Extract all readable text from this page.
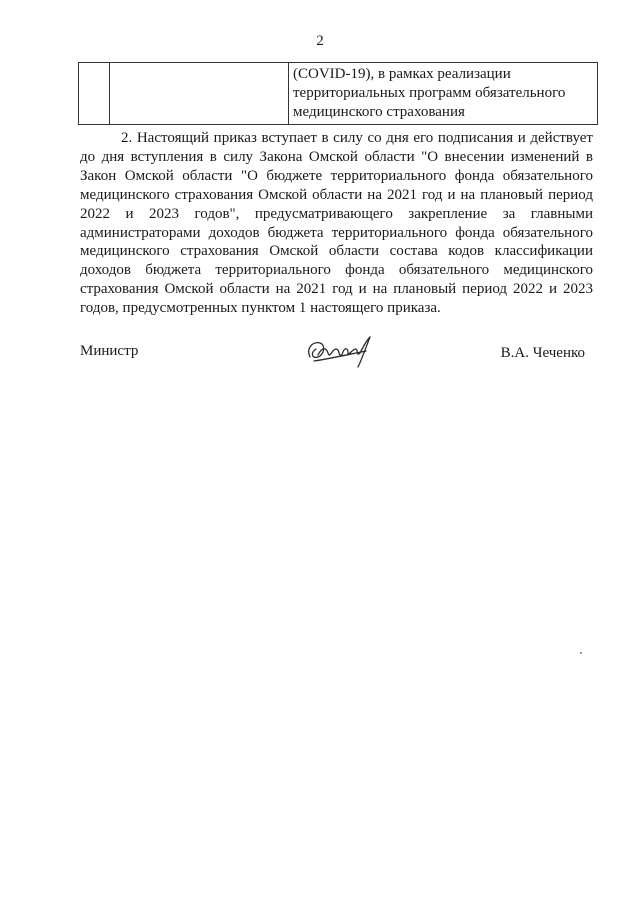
2

(COVID-19), в рамках реализации
территориальных программ обязательного
медицинского страхования

2. Настоящий приказ вступает в силу со дня его подписания и действует до дня вступления в силу Закона Омской области "О внесении изменений в Закон Омской области "О бюджете территориального фонда обязательного медицинского страхования Омской области на 2021 год и на плановый период 2022 и 2023 годов", предусматривающего закрепление за главными администраторами доходов бюджета территориального фонда обязательного медицинского страхования Омской области состава кодов классификации доходов бюджета территориального фонда обязательного медицинского страхования Омской области на 2021 год и на плановый период 2022 и 2023 годов, предусмотренных пунктом 1 настоящего приказа.

Министр	В.А. Чеченко
